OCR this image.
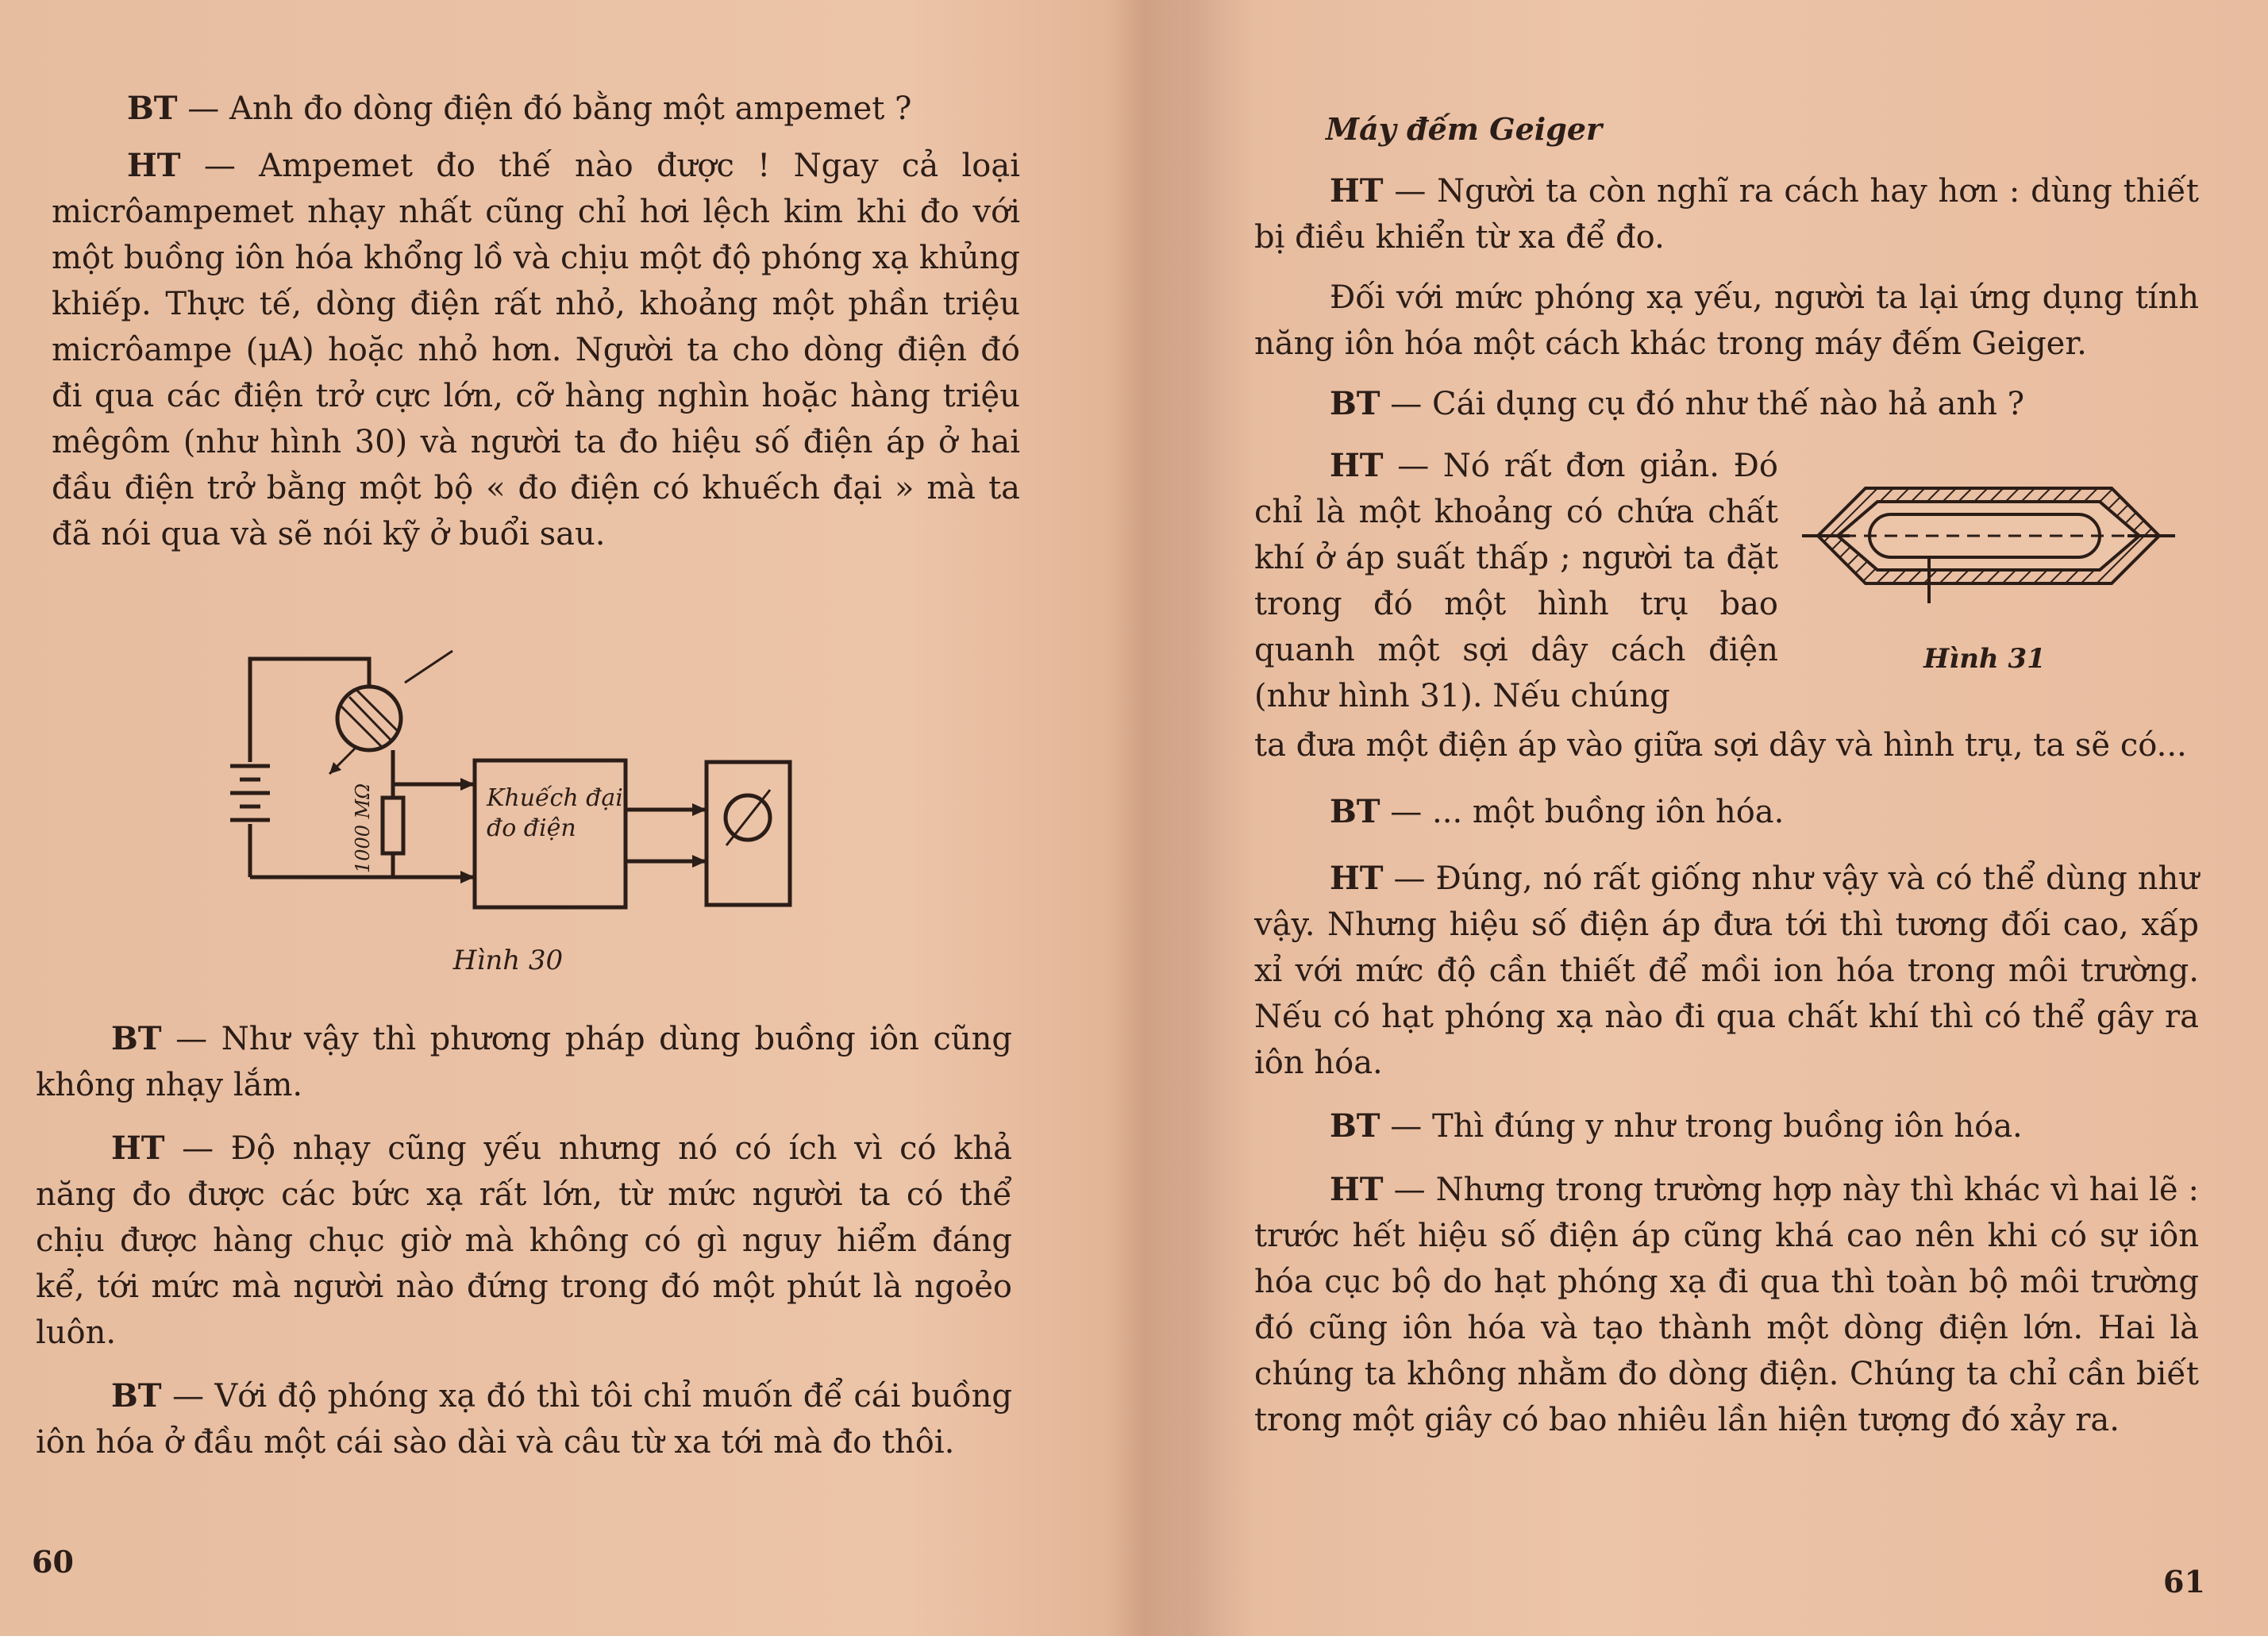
BT — Anh đo dòng điện đó bằng một ampemet ?

HT — Ampemet đo thế nào được ! Ngay cả loại micrôampemet nhạy nhất cũng chỉ hơi lệch kim khi đo với một buồng iôn hóa khổng lồ và chịu một độ phóng xạ khủng khiếp. Thực tế, dòng điện rất nhỏ, khoảng một phần triệu micrôampe (μA) hoặc nhỏ hơn. Người ta cho dòng điện đó đi qua các điện trở cực lớn, cỡ hàng nghìn hoặc hàng triệu mêgôm (như hình 30) và người ta đo hiệu số điện áp ở hai đầu điện trở bằng một bộ « đo điện có khuếch đại » mà ta đã nói qua và sẽ nói kỹ ở buổi sau.

1000 MΩ	Khuếch đại
đo điện
Hình 30

BT — Như vậy thì phương pháp dùng buồng iôn cũng không nhạy lắm.

HT — Độ nhạy cũng yếu nhưng nó có ích vì có khả năng đo được các bức xạ rất lớn, từ mức người ta có thể chịu được hàng chục giờ mà không có gì nguy hiểm đáng kể, tới mức mà người nào đứng trong đó một phút là ngoẻo luôn.

BT — Với độ phóng xạ đó thì tôi chỉ muốn để cái buồng iôn hóa ở đầu một cái sào dài và câu từ xa tới mà đo thôi.

60
Máy đếm Geiger

HT — Người ta còn nghĩ ra cách hay hơn : dùng thiết bị điều khiển từ xa để đo.

Đối với mức phóng xạ yếu, người ta lại ứng dụng tính năng iôn hóa một cách khác trong máy đếm Geiger.

BT — Cái dụng cụ đó như thế nào hả anh ?

HT — Nó rất đơn giản. Đó chỉ là một khoảng có chứa chất khí ở áp suất thấp ; người ta đặt trong đó một hình trụ bao quanh một sợi dây cách điện (như hình 31). Nếu chúng

Hình 31

ta đưa một điện áp vào giữa sợi dây và hình trụ, ta sẽ có...

BT — ... một buồng iôn hóa.

HT — Đúng, nó rất giống như vậy và có thể dùng như vậy. Nhưng hiệu số điện áp đưa tới thì tương đối cao, xấp xỉ với mức độ cần thiết để mồi ion hóa trong môi trường. Nếu có hạt phóng xạ nào đi qua chất khí thì có thể gây ra iôn hóa.

BT — Thì đúng y như trong buồng iôn hóa.

HT — Nhưng trong trường hợp này thì khác vì hai lẽ : trước hết hiệu số điện áp cũng khá cao nên khi có sự iôn hóa cục bộ do hạt phóng xạ đi qua thì toàn bộ môi trường đó cũng iôn hóa và tạo thành một dòng điện lớn. Hai là chúng ta không nhằm đo dòng điện. Chúng ta chỉ cần biết trong một giây có bao nhiêu lần hiện tượng đó xảy ra.

61
